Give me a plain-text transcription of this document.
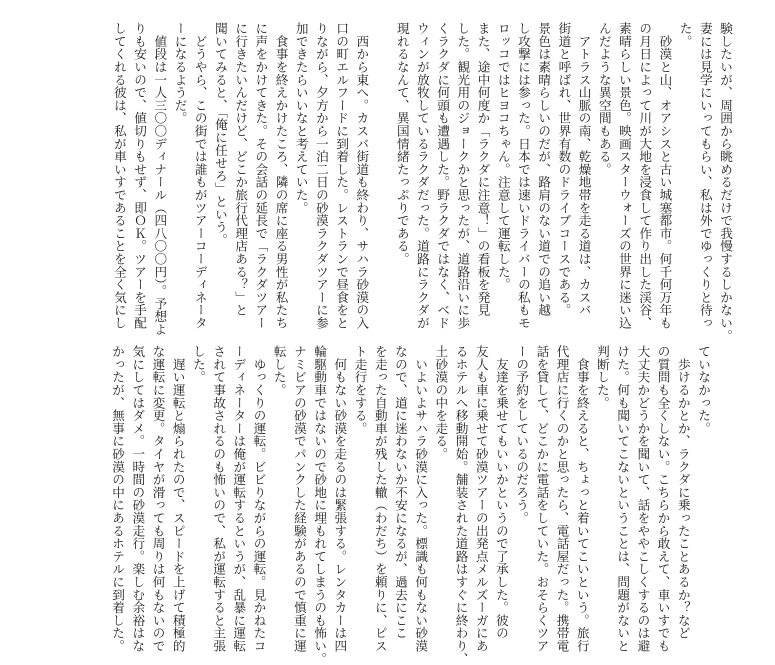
験したいが、周囲から眺めるだけで我慢するしかない。
妻には見学にいってもらい、私は外でゆっくりと待っ
た。
　砂漠と山、オアシスと古い城塞都市。何千何万年も
の月日によって川が大地を浸食して作り出した渓谷、
素晴らしい景色。映画スターウォーズの世界に迷い込
んだような異空間もある。
　アトラス山脈の南、乾燥地帯を走る道は、カスバ
街道と呼ばれ、世界有数のドライブコースである。
景色は素晴らしいのだが、路肩のない道での追い越
し攻撃には参った。日本では速いドライバーの私もモ
ロッコではヒヨコちゃん。注意して運転した。
また、途中何度か「ラクダに注意！」の看板を発見
した。観光用のジョークかと思ったが、道路沿いに歩
くラクダに何頭も遭遇した。野ラクダではなく、ベド
ウィンが放牧しているラクダだった。道路にラクダが
現れるなんて、異国情緒たっぷりである。

　西から東へ。カスバ街道も終わり、サハラ砂漠の入
口の町エルフードに到着した。レストランで昼食をと
りながら、夕方から一泊二日の砂漠ラクダツアーに参
加できたらいいなと考えていた。
　食事を終えかけたころ、隣の席に座る男性が私たち
に声をかけてきた。その会話の延長で「ラクダツアー
に行きたいんだけど、どこか旅行代理店ある？」と
聞いてみると、「俺に任せろ」という。
　どうやら、この街では誰もがツアーコーディネータ
ーになるようだ。
　値段は一人三〇〇ディナール（四八〇〇円）。予想よ
りも安いので、値切りもせず、即ＯＫ。ツアーを手配
してくれる彼は、私が車いすであることを全く気にし
ていなかった。
　歩けるかとか、ラクダに乗ったことあるか？など
の質問も全くしない。こちらから敢えて、車いすでも
大丈夫かどうかを聞いて、話をややこしくするのは避
けた。何も聞いてこないということは、問題がないと
判断した。
　食事を終えると、ちょっと着いてこいという。旅行
代理店に行くのかと思ったら、電話屋だった。携帯電
話を貸して、どこかに電話をしていた。おそらくツア
ーの予約をしているのだろう。
　友達を乗せてもいいかというので了承した。彼の
友人も車に乗せて砂漠ツアーの出発点メルズーガにあ
るホテルへ移動開始。舗装された道路はすぐに終わり、
土砂漠の中を走る。
　いよいよサハラ砂漠に入った。標識も何もない砂漠
なので、道に迷わないか不安になるが、過去にここ
を走った自動車が残した轍（わだち）を頼りに、ピス
ト走行をする。
　何もない砂漠を走るのは緊張する。レンタカーは四
輪駆動車ではないので砂地に埋もれてしまうのも怖い。
ナミビアの砂漠でパンクした経験があるので慎重に運
転した。
　ゆっくりの運転。ビビりながらの運転。見かねたコ
ーディネーターは俺が運転するというが、乱暴に運転
されて事故されるのも怖いので、私が運転すると主張
した。
　遅い運転と煽られたので、スピードを上げて積極的
な運転に変更。タイヤが滑っても周りは何もないので
気にしてはダメ。一時間の砂漠走行。楽しむ余裕はな
かったが、無事に砂漠の中にあるホテルに到着した。
